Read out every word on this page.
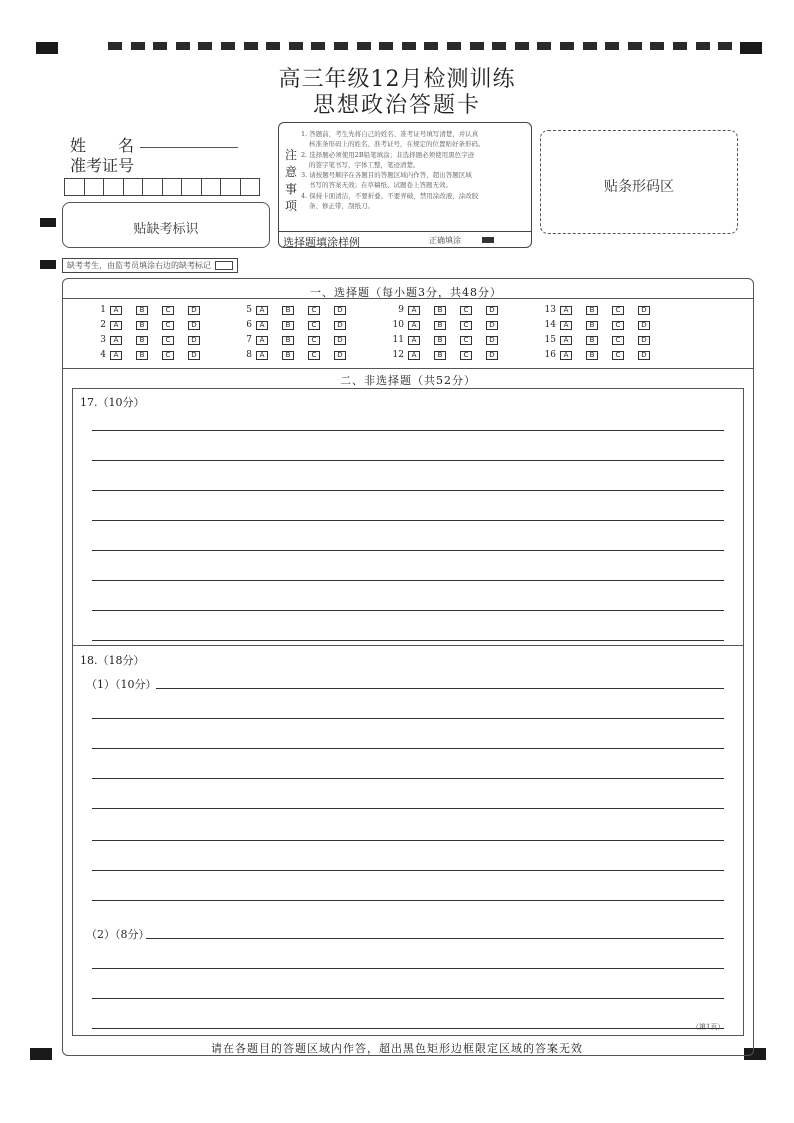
高三年级12月检测训练
思想政治答题卡
姓　　名
准考证号
贴缺考标识
注意事项
1. 答题前，考生先将自己的姓名、准考证号填写清楚，并认真
核准条形码上的姓名、准考证号，在规定的位置贴好条形码。
2. 选择题必须使用2B铅笔填涂；非选择题必须使用黑色字迹
的签字笔书写，字体工整，笔迹清楚。
3. 请按题号顺序在各题目的答题区域内作答，超出答题区域
书写的答案无效；在草稿纸、试题卷上答题无效。
4. 保持卡面清洁，不要折叠、不要弄破，禁用涂改液，涂改胶
条、修正带，刮纸刀。
选择题填涂样例	正确填涂
贴条形码区
缺考考生，由监考员填涂右边的缺考标记
一、选择题（每小题3分，共48分）
1	A	B	C	D
2	A	B	C	D
3	A	B	C	D
4	A	B	C	D
5	A	B	C	D
6	A	B	C	D
7	A	B	C	D
8	A	B	C	D
9	A	B	C	D
10	A	B	C	D
11	A	B	C	D
12	A	B	C	D
13	A	B	C	D
14	A	B	C	D
15	A	B	C	D
16	A	B	C	D
二、非选择题（共52分）
17.（10分）
18.（18分）
（1）（10分）
（2）（8分）
（第1页）
请在各题目的答题区域内作答，超出黑色矩形边框限定区域的答案无效
